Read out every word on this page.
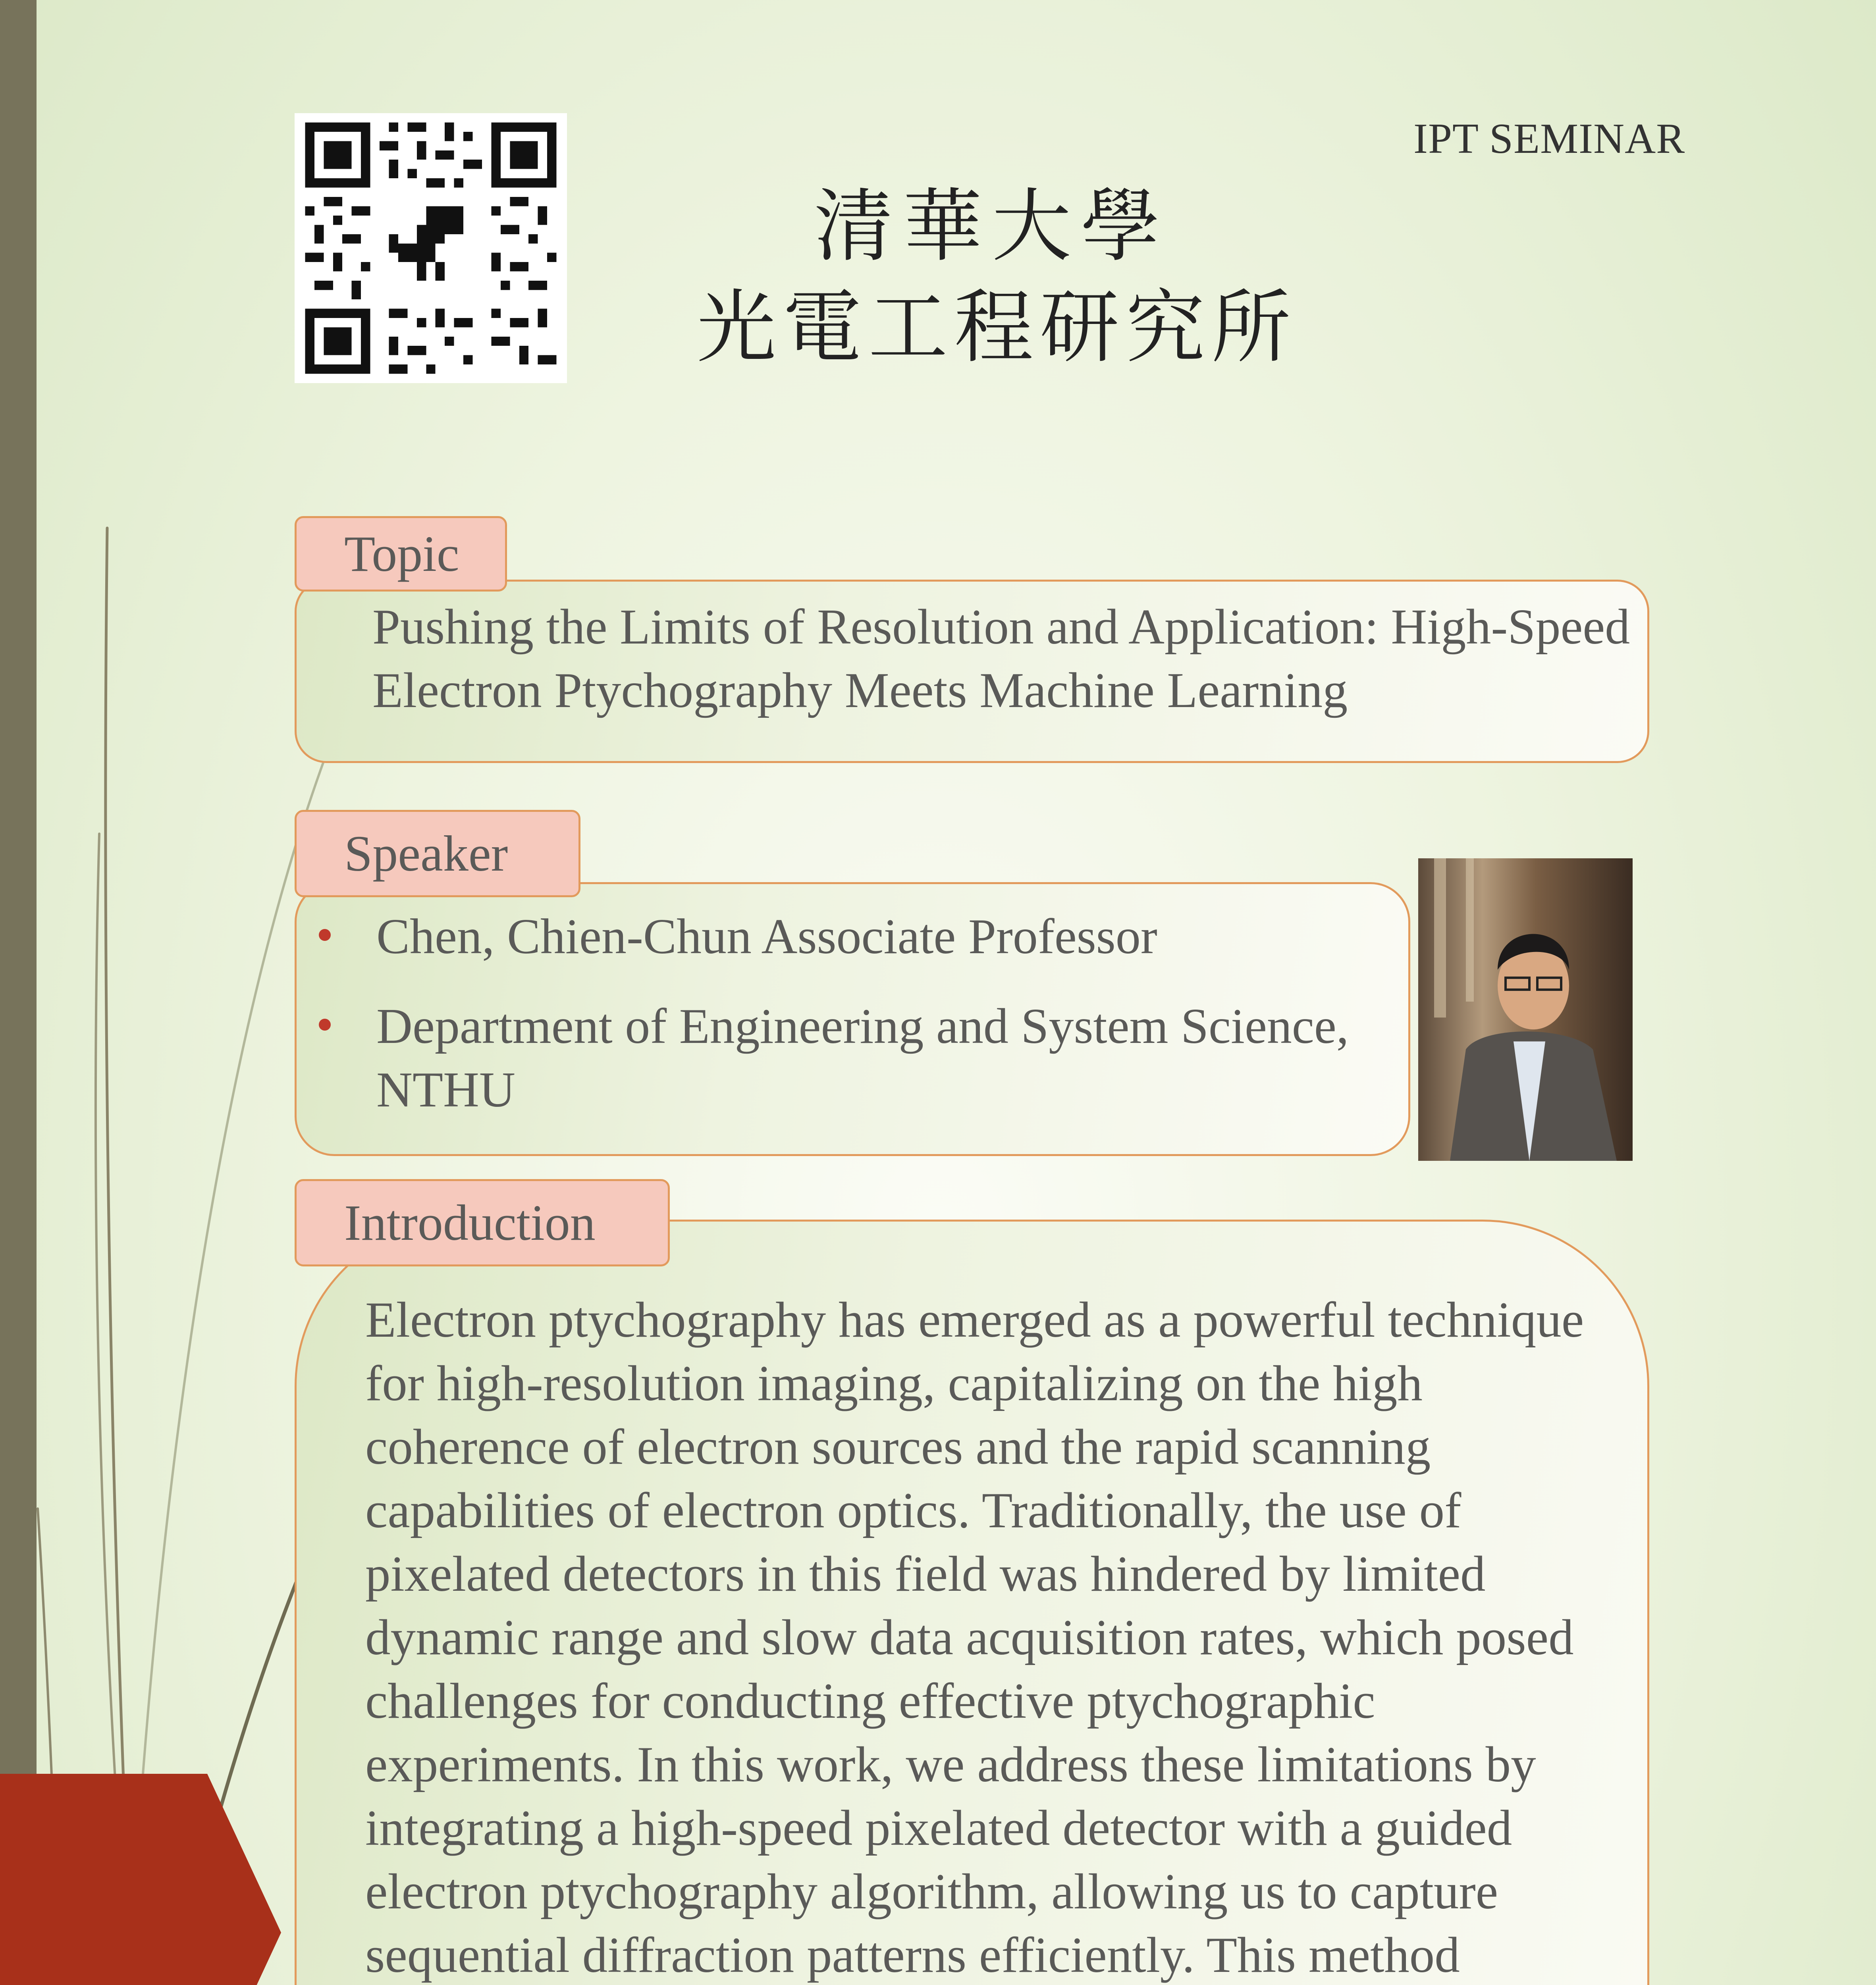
IPT SEMINAR
清華大學
光電工程研究所
Topic
Pushing the Limits of Resolution and Application: High-Speed Electron Ptychography Meets Machine Learning
Speaker
Chen, Chien-Chun Associate Professor
Department of Engineering and System Science, NTHU
Introduction
Electron ptychography has emerged as a powerful technique for high-resolution imaging, capitalizing on the high coherence of electron sources and the rapid scanning capabilities of electron optics. Traditionally, the use of pixelated detectors in this field was hindered by limited dynamic range and slow data acquisition rates, which posed challenges for conducting effective ptychographic experiments. In this work, we address these limitations by integrating a high-speed pixelated detector with a guided electron ptychography algorithm, allowing us to capture sequential diffraction patterns efficiently. This method
